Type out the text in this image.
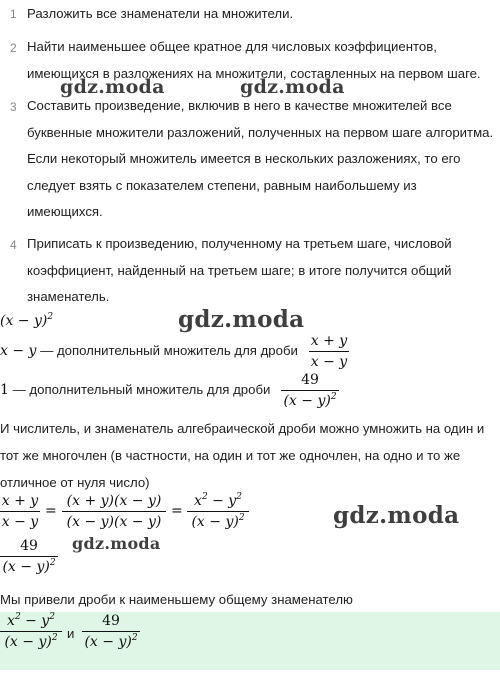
1 Разложить все знаменатели на множители.
2 Найти наименьшее общее кратное для числовых коэффициентов, имеющихся в разложениях на множители, составленных на первом шаге.
3 Составить произведение, включив в него в качестве множителей все буквенные множители разложений, полученных на первом шаге алгоритма. Если некоторый множитель имеется в нескольких разложениях, то его следует взять с показателем степени, равным наибольшему из имеющихся.
4 Приписать к произведению, полученному на третьем шаге, числовой коэффициент, найденный на третьем шаге; в итоге получится общий знаменатель.
$(x - y)^2$
x − y — дополнительный множитель для дроби
x + y
x − y
1 — дополнительный множитель для дроби
49
$(x - y)^2$
И числитель, и знаменатель алгебраической дроби можно умножить на один и тот же многочлен (в частности, на один и тот же одночлен, на одно и то же отличное от нуля число)
x + y
x − y
=
(x + y)(x − y)
(x − y)(x − y)
=
$x^2 - y^2$
$(x - y)^2$
49
$(x - y)^2$
Мы привели дроби к наименьшему общему знаменателю
$x^2 - y^2$
$(x - y)^2$ и
49
$(x - y)^2$
gdz.moda	gdz.moda
gdz.moda
gdz.moda
gdz.moda
